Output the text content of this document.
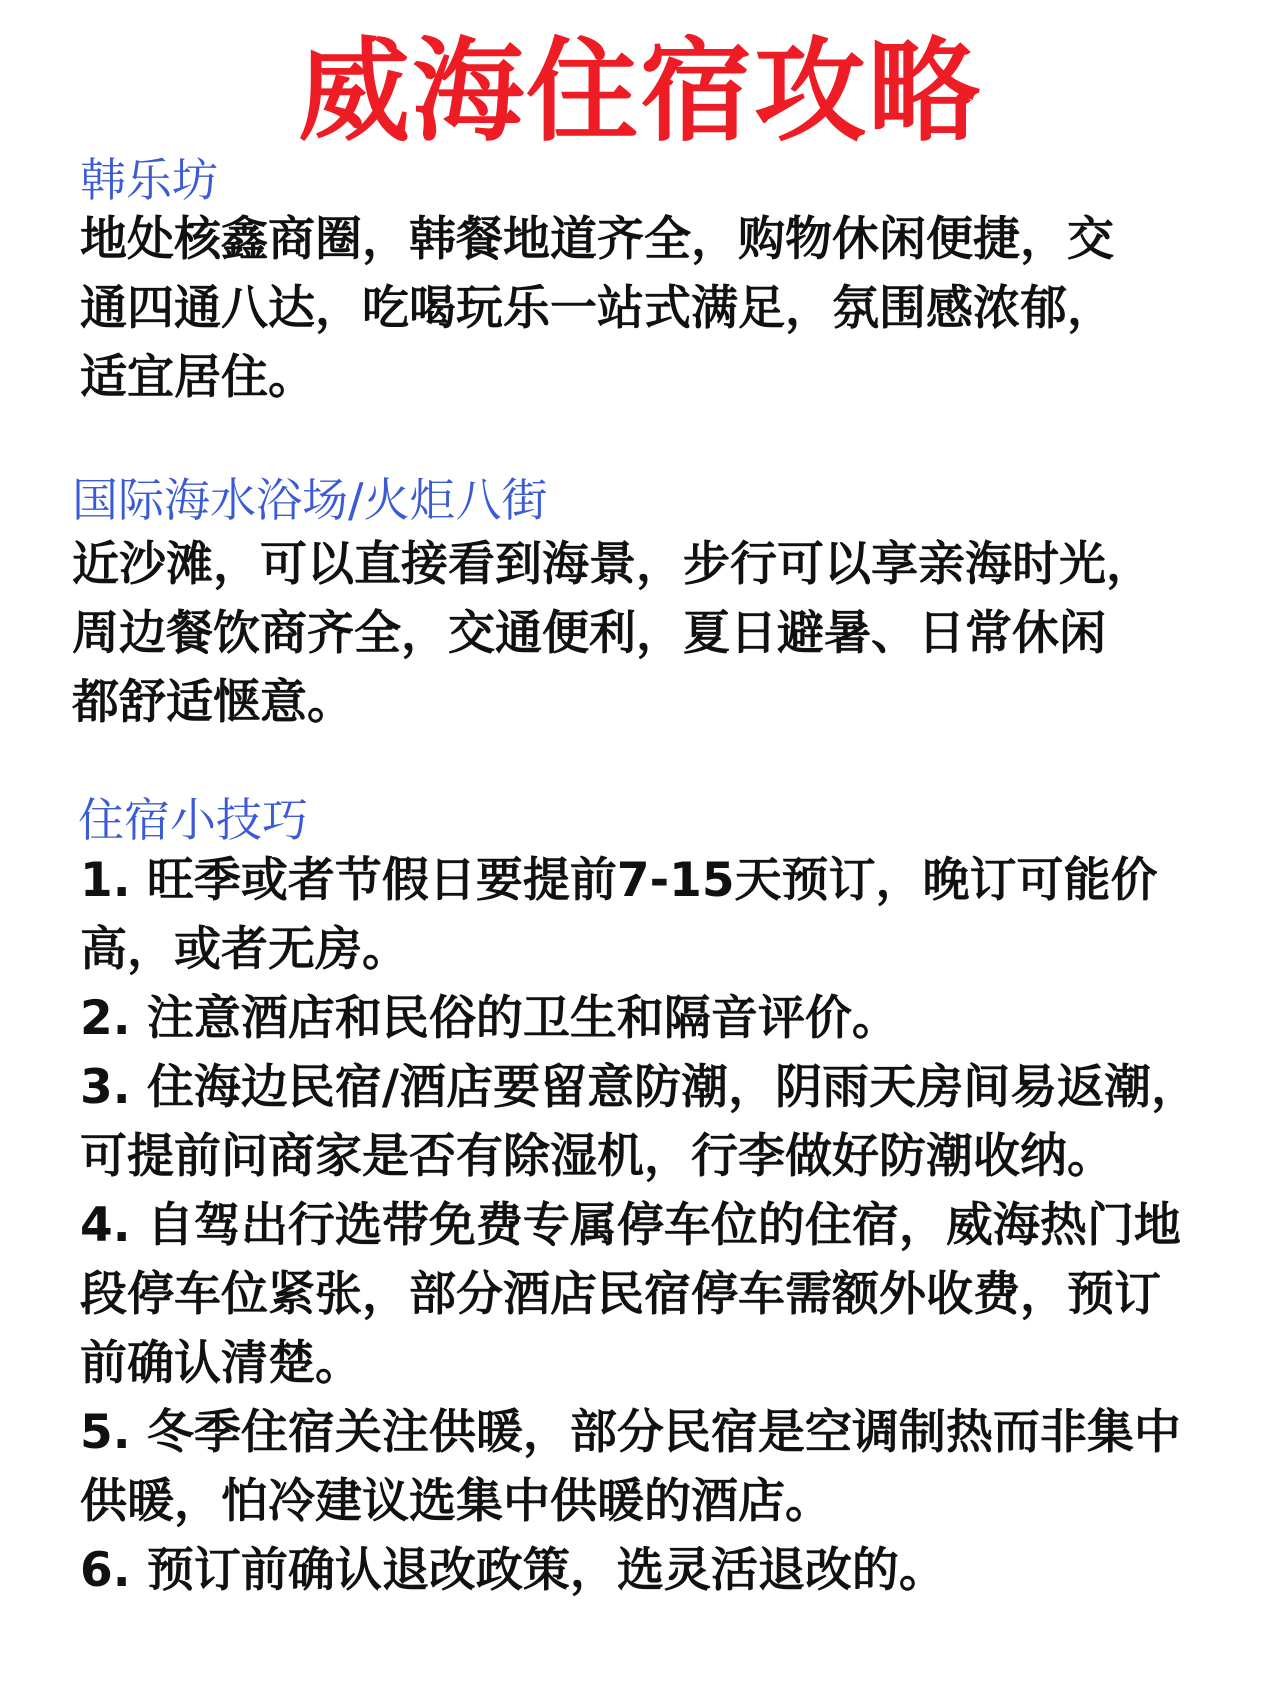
威海住宿攻略
韩乐坊
地处核鑫商圈，韩餐地道齐全，购物休闲便捷，交
通四通八达，吃喝玩乐一站式满足，氛围感浓郁，
适宜居住。
国际海水浴场/火炬八街
近沙滩，可以直接看到海景，步行可以享亲海时光，
周边餐饮商齐全，交通便利，夏日避暑、日常休闲
都舒适惬意。
住宿小技巧
1. 旺季或者节假日要提前7-15天预订，晚订可能价
高，或者无房。
2. 注意酒店和民俗的卫生和隔音评价。
3. 住海边民宿/酒店要留意防潮，阴雨天房间易返潮，
可提前问商家是否有除湿机，行李做好防潮收纳。
4. 自驾出行选带免费专属停车位的住宿，威海热门地
段停车位紧张，部分酒店民宿停车需额外收费，预订
前确认清楚。
5. 冬季住宿关注供暖，部分民宿是空调制热而非集中
供暖，怕冷建议选集中供暖的酒店。
6. 预订前确认退改政策，选灵活退改的。
